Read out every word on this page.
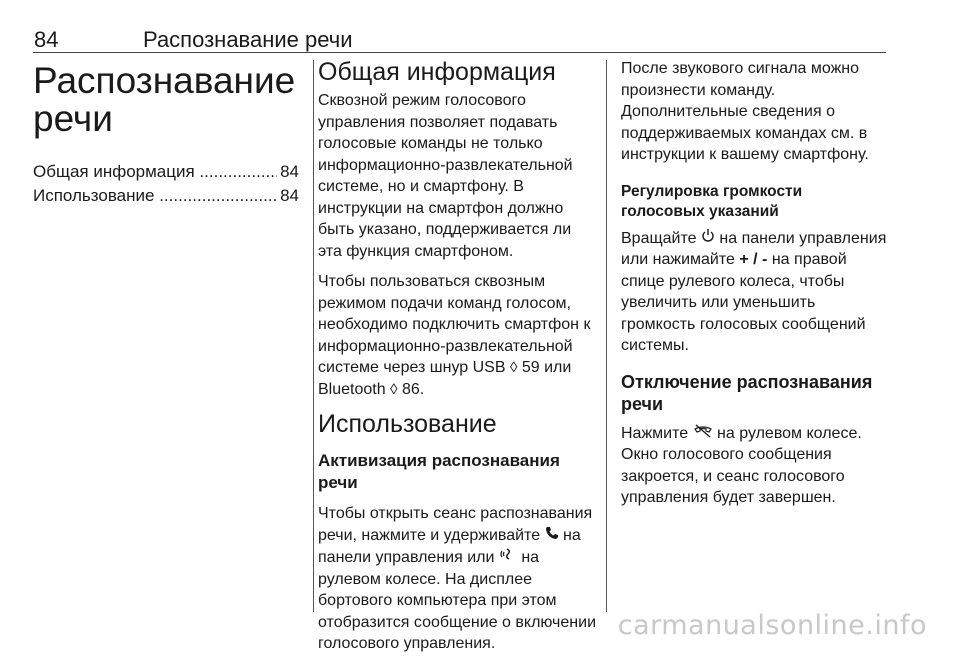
84	Распознавание речи
Распознавание
речи
Общая информация .....	84
Использование .....	84
Общая информация

Сквозной режим голосового управления позволяет подавать голосовые команды не только информационно-развлекательной системе, но и смартфону. В инструкции на смартфон должно быть указано, поддерживается ли эта функция смартфоном.

Чтобы пользоваться сквозным режимом подачи команд голосом, необходимо подключить смартфон к информационно-развлекательной системе через шнур USB ◊ 59 или Bluetooth ◊ 86.

Использование
Активизация распознавания речи

Чтобы открыть сеанс распознавания речи, нажмите и удерживайте на панели управления или на рулевом колесе. На дисплее бортового компьютера при этом отобразится сообщение о включении голосового управления.

После звукового сигнала можно произнести команду. Дополнительные сведения о поддерживаемых командах см. в инструкции к вашему смартфону.

Регулировка громкости голосовых указаний

Вращайте на панели управления или нажимайте + / - на правой спице рулевого колеса, чтобы увеличить или уменьшить громкость голосовых сообщений системы.

Отключение распознавания речи

Нажмите на рулевом колесе. Окно голосового сообщения закроется, и сеанс голосового управления будет завершен.

carmanualsonline.info
